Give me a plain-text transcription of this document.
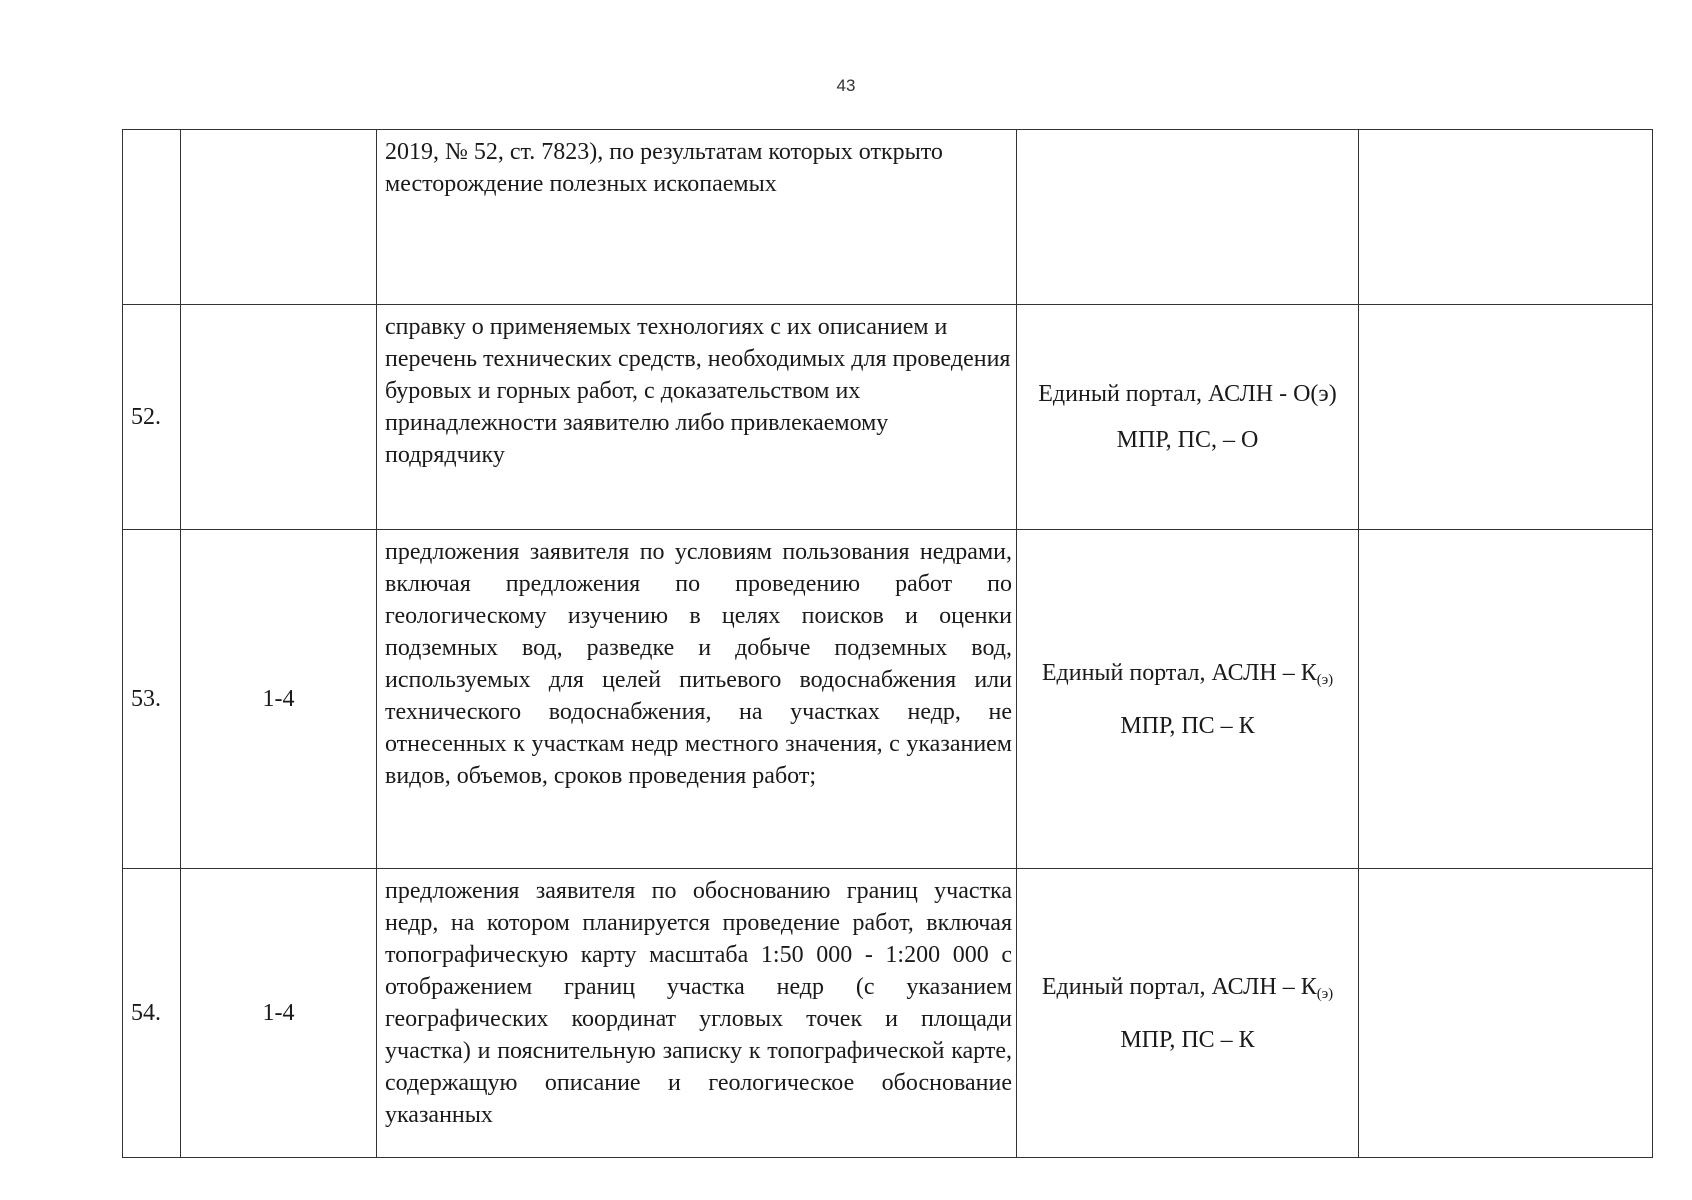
43
		2019, № 52, ст. 7823), по результатам которых открыто месторождение полезных ископаемых		
52.		справку о применяемых технологиях с их описанием и перечень технических средств, необходимых для проведения буровых и горных работ, с доказательством их принадлежности заявителю либо привлекаемому подрядчику	Единый портал, АСЛН - О(э)
МПР, ПС, – О	

53.	1-4	предложения заявителя по условиям пользования недрами, включая предложения по проведению работ по геологическому изучению в целях поисков и оценки подземных вод, разведке и добыче подземных вод, используемых для целей питьевого водоснабжения или технического водоснабжения, на участках недр, не отнесенных к участкам недр местного значения, с указанием видов, объемов, сроков проведения работ;	Единый портал, АСЛН – $К_{(э)}$
МПР, ПС – К	

54.	1-4	предложения заявителя по обоснованию границ участка недр, на котором планируется проведение работ, включая топографическую карту масштаба 1:50 000 - 1:200 000 с отображением границ участка недр (с указанием географических координат угловых точек и площади участка) и пояснительную записку к топографической карте, содержащую описание и геологическое обоснование указанных	Единый портал, АСЛН – $К_{(э)}$
МПР, ПС – К	
